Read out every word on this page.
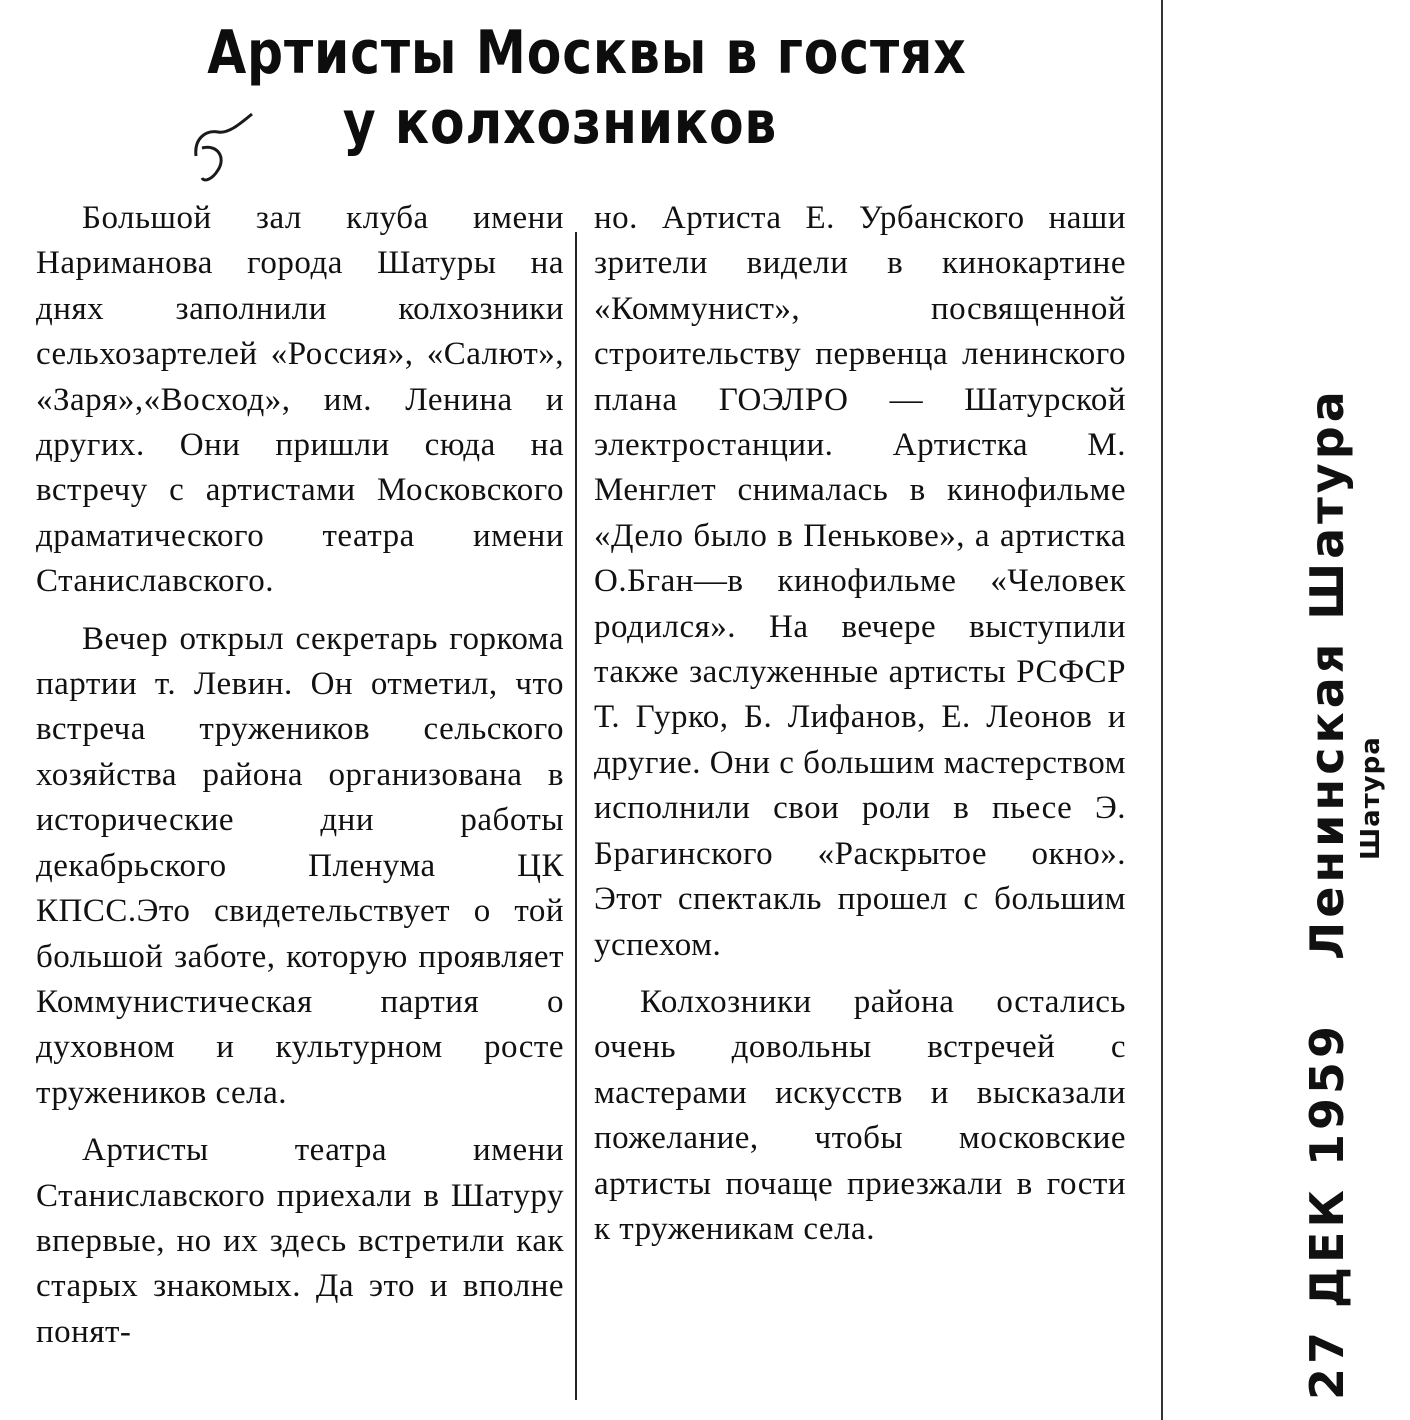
Артисты Москвы в гостях
у колхозников

Большой зал клуба имени Нариманова города Шатуры на днях заполнили колхозники сельхозартелей «Россия», «Салют», «Заря»,«Восход», им. Ленина и других. Они пришли сюда на встречу с артистами Московского драматического театра имени Станиславского.

Вечер открыл секретарь горкома партии т. Левин. Он отметил, что встреча тружеников сельского хозяйства района организована в исторические дни работы декабрьского Пленума ЦК КПСС.Это свидетельствует о той большой заботе, которую проявляет Коммунистическая партия о духовном и культурном росте тружеников села.

Артисты театра имени Станиславского приехали в Шатуру впервые, но их здесь встретили как старых знакомых. Да это и вполне понят-

но. Артиста Е. Урбанского наши зрители видели в кинокартине «Коммунист», посвященной строительству первенца ленинского плана ГОЭЛРО — Шатурской электростанции. Артистка М. Менглет снималась в кинофильме «Дело было в Пенькове», а артистка О.Бган—в кинофильме «Человек родился». На вечере выступили также заслуженные артисты РСФСР Т. Гурко, Б. Лифанов, Е. Леонов и другие. Они с большим мастерством исполнили свои роли в пьесе Э. Брагинского «Раскрытое окно». Этот спектакль прошел с большим успехом.

Колхозники района остались очень довольны встречей с мастерами искусств и высказали пожелание, чтобы московские артисты почаще приезжали в гости к труженикам села.	27 ДЕК 1959Ленинская Шатура Шатура
